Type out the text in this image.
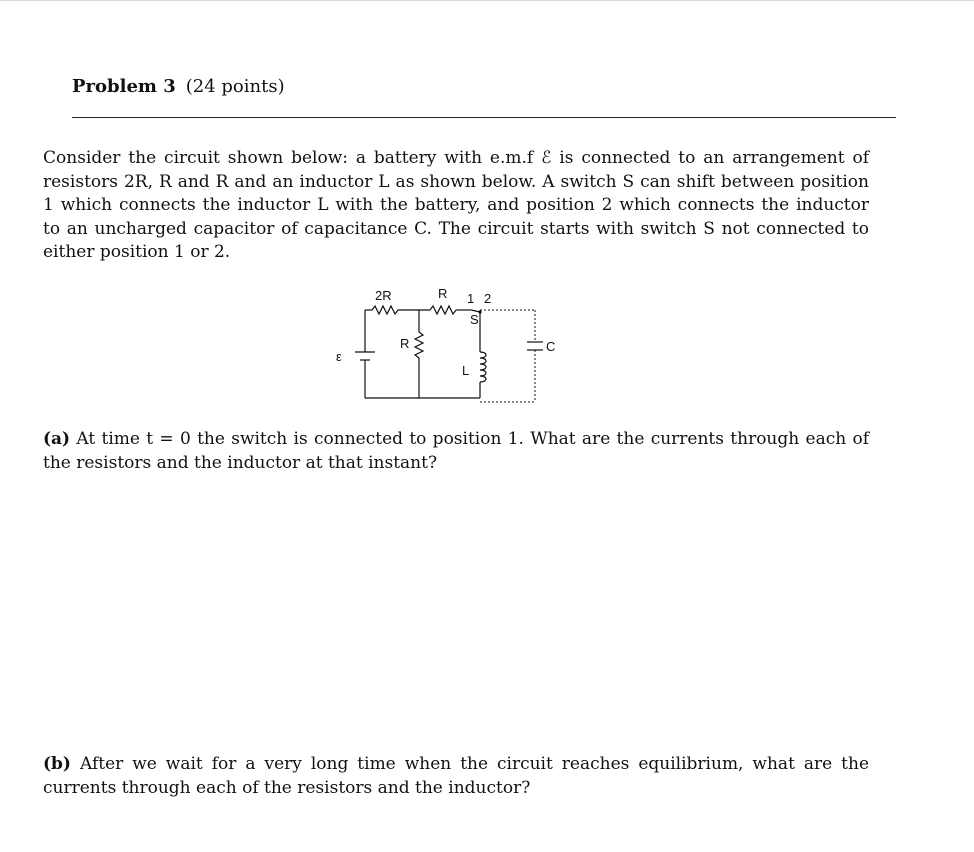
Problem 3 (24 points)

Consider the circuit shown below: a battery with e.m.f ℰ is connected to an arrangement of resistors 2R, R and R and an inductor L as shown below. A switch S can shift between position 1 which connects the inductor L with the battery, and position 2 which connects the inductor to an uncharged capacitor of capacitance C. The circuit starts with switch S not connected to either position 1 or 2.

ε
2R	R
R
1 2
S
C
L

(a) At time t = 0 the switch is connected to position 1. What are the currents through each of the resistors and the inductor at that instant?

(b) After we wait for a very long time when the circuit reaches equilibrium, what are the currents through each of the resistors and the inductor?
